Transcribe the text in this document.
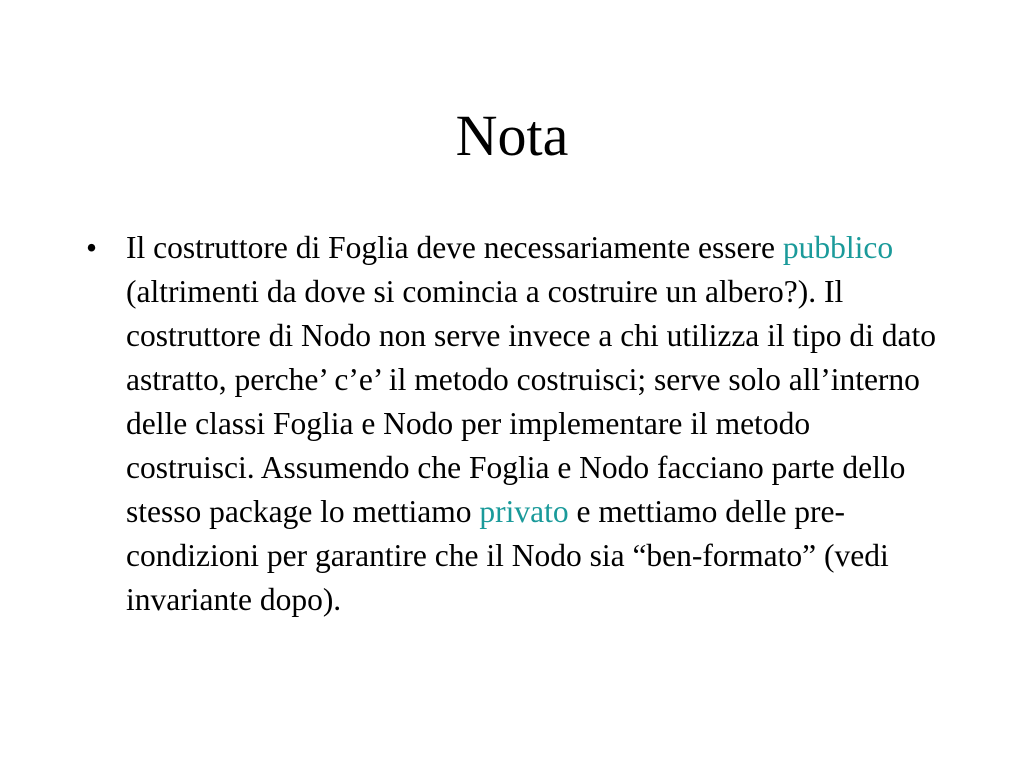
Nota
• Il costruttore di Foglia deve necessariamente essere pubblico (altrimenti da dove si comincia a costruire un albero?). Il costruttore di Nodo non serve invece a chi utilizza il tipo di dato astratto, perche’ c’e’ il metodo costruisci; serve solo all’interno delle classi Foglia e Nodo per implementare il metodo costruisci. Assumendo che Foglia e Nodo facciano parte dello stesso package lo mettiamo privato e mettiamo delle pre-condizioni per garantire che il Nodo sia “ben-formato” (vedi invariante dopo).
